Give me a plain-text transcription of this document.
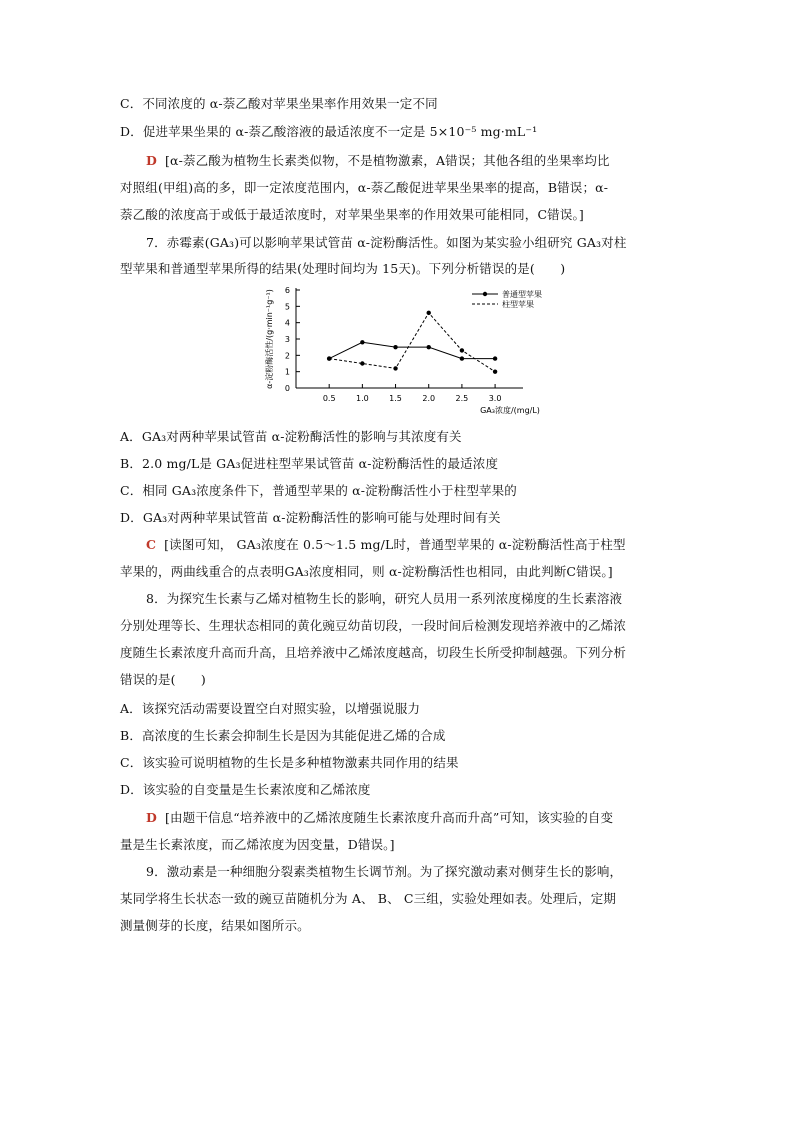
C．不同浓度的 α-萘乙酸对苹果坐果率作用效果一定不同
D．促进苹果坐果的 α-萘乙酸溶液的最适浓度不一定是 5×10⁻⁵ mg·mL⁻¹
D [α-萘乙酸为植物生长素类似物，不是植物激素，A错误；其他各组的坐果率均比
对照组(甲组)高的多，即一定浓度范围内，α-萘乙酸促进苹果坐果率的提高，B错误；α-
萘乙酸的浓度高于或低于最适浓度时，对苹果坐果率的作用效果可能相同，C错误。]
7．赤霉素(GA₃)可以影响苹果试管苗 α-淀粉酶活性。如图为某实验小组研究 GA₃对柱
型苹果和普通型苹果所得的结果(处理时间均为 15天)。下列分析错误的是(　　)
0
1
2
3
4
5
6
0.5	1.0	1.5	2.0	2.5	3.0
GA₃浓度/(mg/L)
α-淀粉酶活性/(g·min⁻¹g⁻¹)	普通型苹果
柱型苹果
A．GA₃对两种苹果试管苗 α-淀粉酶活性的影响与其浓度有关
B．2.0 mg/L是 GA₃促进柱型苹果试管苗 α-淀粉酶活性的最适浓度
C．相同 GA₃浓度条件下，普通型苹果的 α-淀粉酶活性小于柱型苹果的
D．GA₃对两种苹果试管苗 α-淀粉酶活性的影响可能与处理时间有关
C [读图可知， GA₃浓度在 0.5～1.5 mg/L时，普通型苹果的 α-淀粉酶活性高于柱型
苹果的，两曲线重合的点表明GA₃浓度相同，则 α-淀粉酶活性也相同，由此判断C错误。]
8．为探究生长素与乙烯对植物生长的影响，研究人员用一系列浓度梯度的生长素溶液
分别处理等长、生理状态相同的黄化豌豆幼苗切段，一段时间后检测发现培养液中的乙烯浓
度随生长素浓度升高而升高，且培养液中乙烯浓度越高，切段生长所受抑制越强。下列分析
错误的是(　　)
A．该探究活动需要设置空白对照实验，以增强说服力
B．高浓度的生长素会抑制生长是因为其能促进乙烯的合成
C．该实验可说明植物的生长是多种植物激素共同作用的结果
D．该实验的自变量是生长素浓度和乙烯浓度
D [由题干信息“培养液中的乙烯浓度随生长素浓度升高而升高”可知，该实验的自变
量是生长素浓度，而乙烯浓度为因变量，D错误。]
9．激动素是一种细胞分裂素类植物生长调节剂。为了探究激动素对侧芽生长的影响，
某同学将生长状态一致的豌豆苗随机分为 A、 B、 C三组，实验处理如表。处理后，定期
测量侧芽的长度，结果如图所示。
